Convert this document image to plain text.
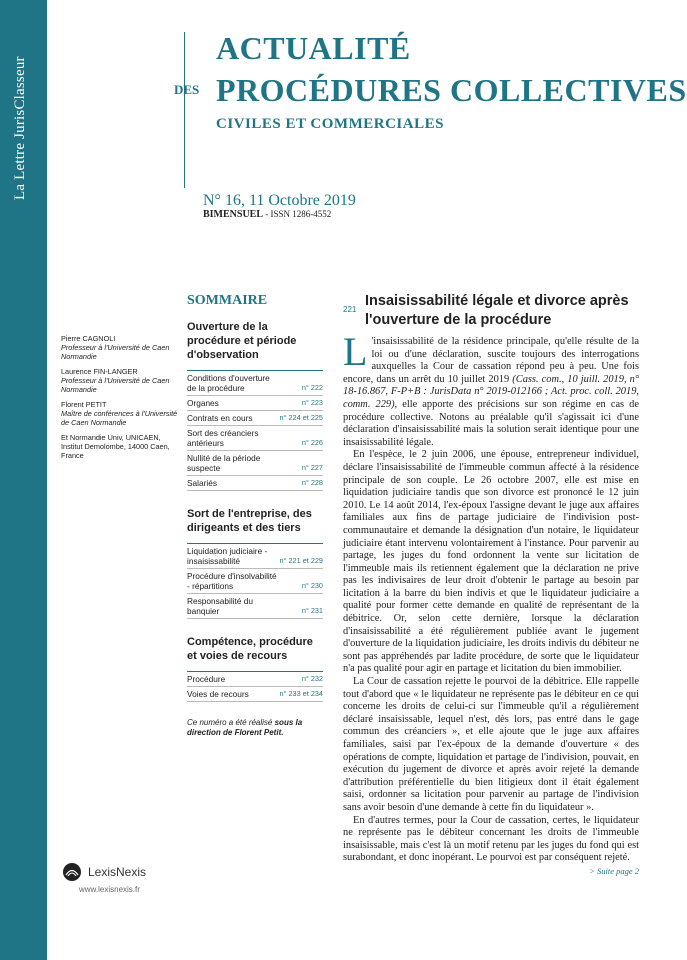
La Lettre JurisClasseur
ACTUALITÉ
DES PROCÉDURES COLLECTIVES
CIVILES ET COMMERCIALES
N° 16, 11 Octobre 2019
BIMENSUEL - ISSN 1286-4552

Pierre CAGNOLI
Professeur à l'Université de Caen Normandie

Laurence FIN-LANGER
Professeur à l'Université de Caen Normandie

Florent PETIT
Maître de conférences à l'Université de Caen Normandie

Et Normandie Univ, UNICAEN, Institut Demolombe, 14000 Caen, France

SOMMAIRE
Ouverture de la procédure et période d'observation
Conditions d'ouverture de la procédure	n° 222
Organes	n° 223
Contrats en cours	n° 224 et 225
Sort des créanciers antérieurs	n° 226
Nullité de la période suspecte	n° 227
Salariés	n° 228
Sort de l'entreprise, des dirigeants et des tiers
Liquidation judiciaire - insaisissabilité	n° 221 et 229
Procédure d'insolvabilité - répartitions	n° 230
Responsabilité du banquier	n° 231
Compétence, procédure et voies de recours
Procédure	n° 232
Voies de recours	n° 233 et 234
Ce numéro a été réalisé sous la direction de Florent Petit.
221
Insaisissabilité légale et divorce après l'ouverture de la procédure

L 'insaisissabilité de la résidence principale, qu'elle résulte de la loi ou d'une déclaration, suscite toujours des interrogations auxquelles la Cour de cassation répond peu à peu. Une fois encore, dans un arrêt du 10 juillet 2019 (Cass. com., 10 juill. 2019, n° 18-16.867, F-P+B : JurisData n° 2019-012166 ; Act. proc. coll. 2019, comm. 229), elle apporte des précisions sur son régime en cas de procédure collective. Notons au préalable qu'il s'agissait ici d'une déclaration d'insaisissabilité mais la solution serait identique pour une insaisissabilité légale.

En l'espèce, le 2 juin 2006, une épouse, entrepreneur individuel, déclare l'insaisissabilité de l'immeuble commun affecté à la résidence principale de son couple. Le 26 octobre 2007, elle est mise en liquidation judiciaire tandis que son divorce est prononcé le 12 juin 2010. Le 14 août 2014, l'ex-époux l'assigne devant le juge aux affaires familiales aux fins de partage judiciaire de l'indivision post-communautaire et demande la désignation d'un notaire, le liquidateur judiciaire étant intervenu volontairement à l'instance. Pour parvenir au partage, les juges du fond ordonnent la vente sur licitation de l'immeuble mais ils retiennent également que la déclaration ne prive pas les indivisaires de leur droit d'obtenir le partage au besoin par licitation à la barre du bien indivis et que le liquidateur judiciaire a qualité pour former cette demande en qualité de représentant de la débitrice. Or, selon cette dernière, lorsque la déclaration d'insaisissabilité a été régulièrement publiée avant le jugement d'ouverture de la liquidation judiciaire, les droits indivis du débiteur ne sont pas appréhendés par ladite procédure, de sorte que le liquidateur n'a pas qualité pour agir en partage et licitation du bien immobilier.

La Cour de cassation rejette le pourvoi de la débitrice. Elle rappelle tout d'abord que « le liquidateur ne représente pas le débiteur en ce qui concerne les droits de celui-ci sur l'immeuble qu'il a régulièrement déclaré insaisissable, lequel n'est, dès lors, pas entré dans le gage commun des créanciers », et elle ajoute que le juge aux affaires familiales, saisi par l'ex-époux de la demande d'ouverture « des opérations de compte, liquidation et partage de l'indivision, pouvait, en exécution du jugement de divorce et après avoir rejeté la demande d'attribution préférentielle du bien litigieux dont il était également saisi, ordonner sa licitation pour parvenir au partage de l'indivision sans avoir besoin d'une demande à cette fin du liquidateur ».

En d'autres termes, pour la Cour de cassation, certes, le liquidateur ne représente pas le débiteur concernant les droits de l'immeuble insaisissable, mais c'est là un motif retenu par les juges du fond qui est surabondant, et donc inopérant. Le pourvoi est par conséquent rejeté.
> Suite page 2

LexisNexis
www.lexisnexis.fr
